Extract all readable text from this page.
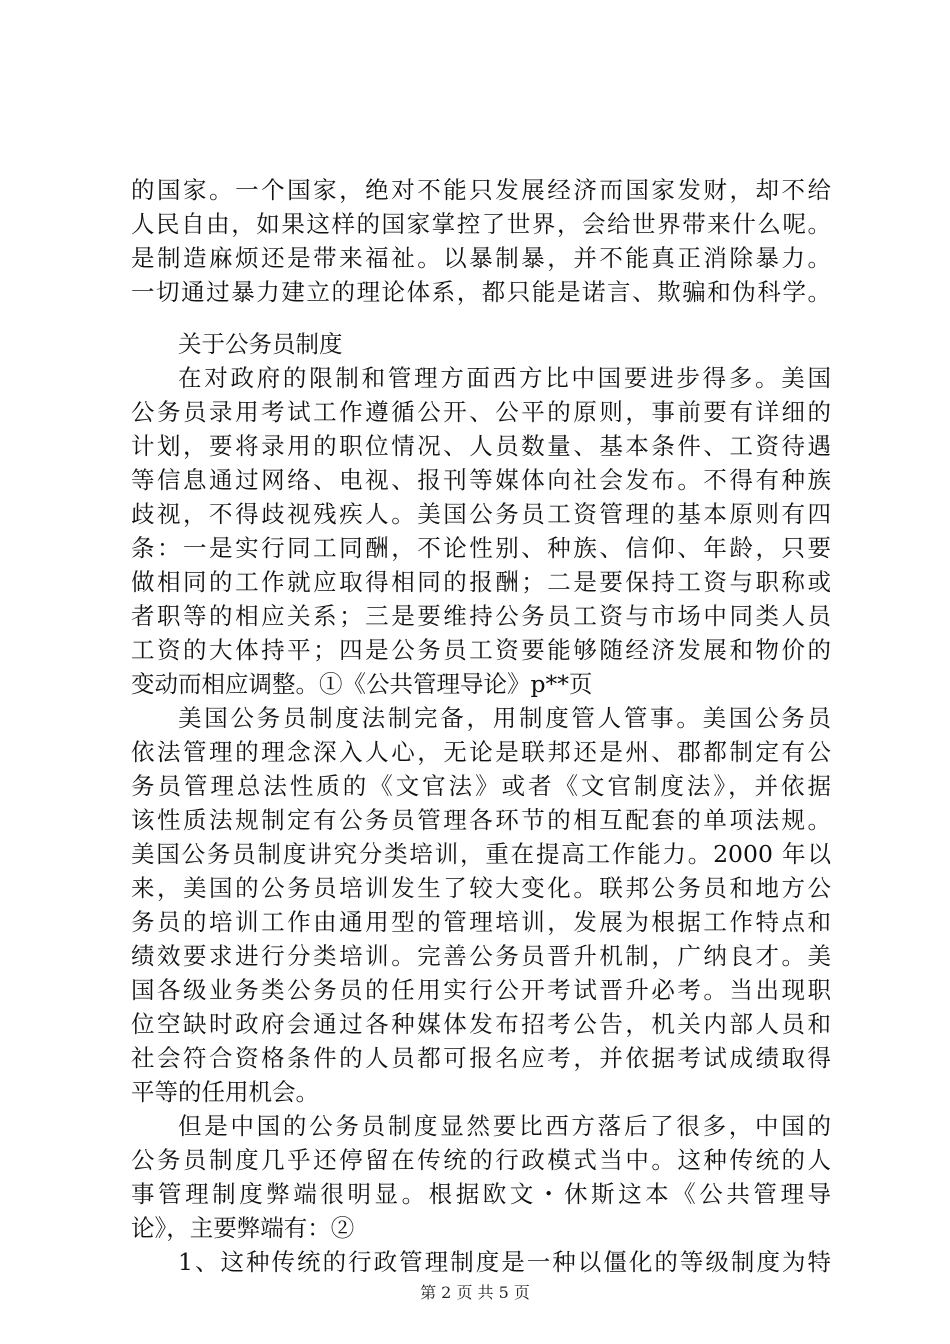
的国家。一个国家，绝对不能只发展经济而国家发财，却不给
人民自由，如果这样的国家掌控了世界，会给世界带来什么呢。
是制造麻烦还是带来福祉。以暴制暴，并不能真正消除暴力。
一切通过暴力建立的理论体系，都只能是诺言、欺骗和伪科学。
关于公务员制度
在对政府的限制和管理方面西方比中国要进步得多。美国
公务员录用考试工作遵循公开、公平的原则，事前要有详细的
计划，要将录用的职位情况、人员数量、基本条件、工资待遇
等信息通过网络、电视、报刊等媒体向社会发布。不得有种族
歧视，不得歧视残疾人。美国公务员工资管理的基本原则有四
条：一是实行同工同酬，不论性别、种族、信仰、年龄，只要
做相同的工作就应取得相同的报酬；二是要保持工资与职称或
者职等的相应关系；三是要维持公务员工资与市场中同类人员
工资的大体持平；四是公务员工资要能够随经济发展和物价的
变动而相应调整。①《公共管理导论》p**页
美国公务员制度法制完备，用制度管人管事。美国公务员
依法管理的理念深入人心，无论是联邦还是州、郡都制定有公
务员管理总法性质的《文官法》或者《文官制度法》，并依据
该性质法规制定有公务员管理各环节的相互配套的单项法规。
美国公务员制度讲究分类培训，重在提高工作能力。2000 年以
来，美国的公务员培训发生了较大变化。联邦公务员和地方公
务员的培训工作由通用型的管理培训，发展为根据工作特点和
绩效要求进行分类培训。完善公务员晋升机制，广纳良才。美
国各级业务类公务员的任用实行公开考试晋升必考。当出现职
位空缺时政府会通过各种媒体发布招考公告，机关内部人员和
社会符合资格条件的人员都可报名应考，并依据考试成绩取得
平等的任用机会。
但是中国的公务员制度显然要比西方落后了很多，中国的
公务员制度几乎还停留在传统的行政模式当中。这种传统的人
事管理制度弊端很明显。根据欧文・休斯这本《公共管理导
论》，主要弊端有：②
1、这种传统的行政管理制度是一种以僵化的等级制度为特
第 2 页 共 5 页
